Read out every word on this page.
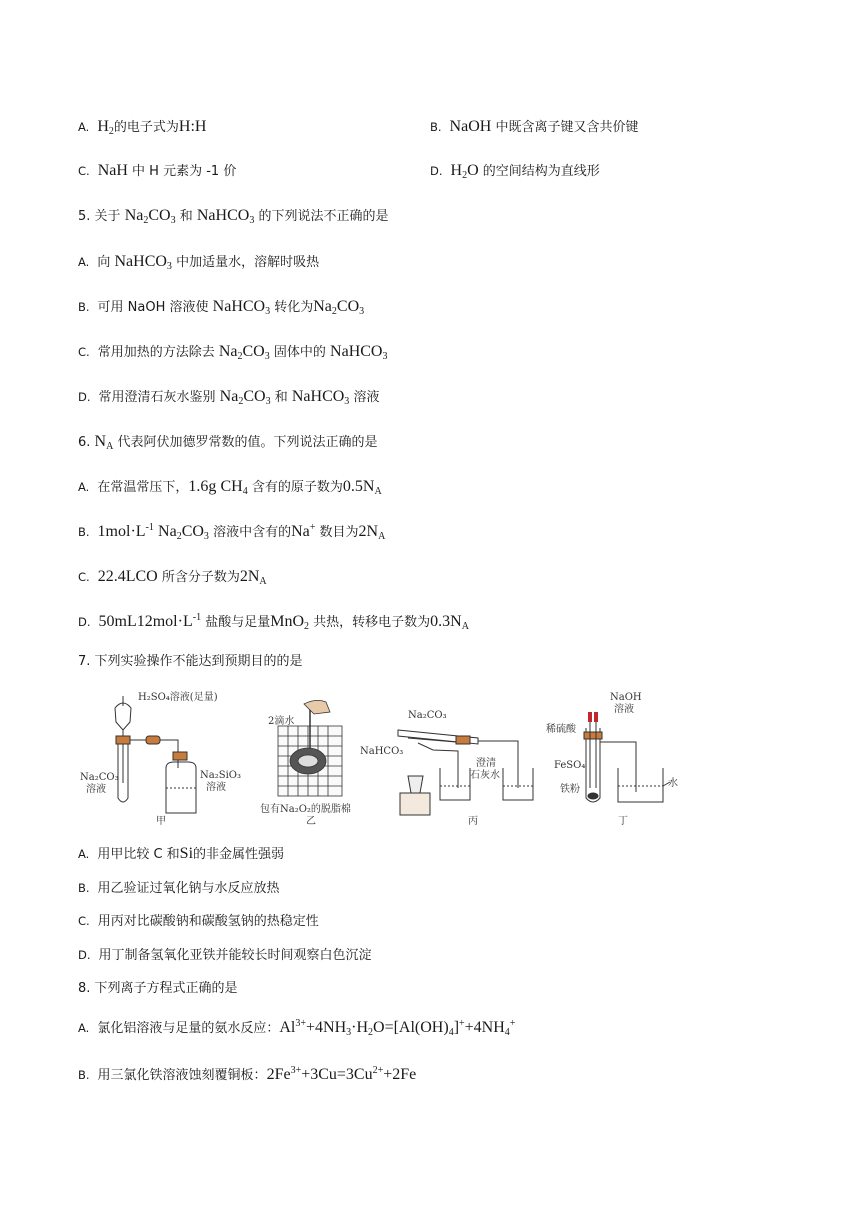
A. $H_2$的电子式为H:H	B. NaOH 中既含离子键又含共价键
C. NaH 中 H 元素为 -1 价	D. $H_2O$ 的空间结构为直线形
5. 关于 $Na_2CO_3$ 和 NaHCO$_3$ 的下列说法不正确的是
A. 向 NaHCO$_3$ 中加适量水，溶解时吸热
B. 可用 NaOH 溶液使 NaHCO$_3$ 转化为$Na_2CO_3$
C. 常用加热的方法除去 $Na_2CO_3$ 固体中的 NaHCO$_3$
D. 常用澄清石灰水鉴别 $Na_2CO_3$ 和 NaHCO$_3$ 溶液
6. $N_A$ 代表阿伏加德罗常数的值。下列说法正确的是
A. 在常温常压下，1.6g $CH_4$ 含有的原子数为$0.5N_A$
B. $1mol\cdot L^{-1}$ $Na_2CO_3$ 溶液中含有的Na+ 数目为$2N_A$
C. 22.4LCO 所含分子数为$2N_A$
D. $50mL12mol\cdot L^{-1}$ 盐酸与足量MnO$_2$ 共热，转移电子数为$0.3N_A$
7. 下列实验操作不能达到预期目的的是
H₂SO₄溶液(足量)
Na₂CO₃
溶液
Na₂SiO₃
溶液
甲
2滴水
包有Na₂O₂的脱脂棉
乙
Na₂CO₃
NaHCO₃
澄清
石灰水
丙
NaOH
溶液
稀硫酸
FeSO₄
铁粉
水
丁
A. 用甲比较 C 和Si的非金属性强弱
B. 用乙验证过氧化钠与水反应放热
C. 用丙对比碳酸钠和碳酸氢钠的热稳定性
D. 用丁制备氢氧化亚铁并能较长时间观察白色沉淀
8. 下列离子方程式正确的是
A. 氯化铝溶液与足量的氨水反应：$Al^{3+}+4NH_3\cdot H_2O=[Al(OH)_4]^++4NH_4^+$
B. 用三氯化铁溶液蚀刻覆铜板：$2Fe^{3+}+3Cu=3Cu^{2+}+2Fe$
